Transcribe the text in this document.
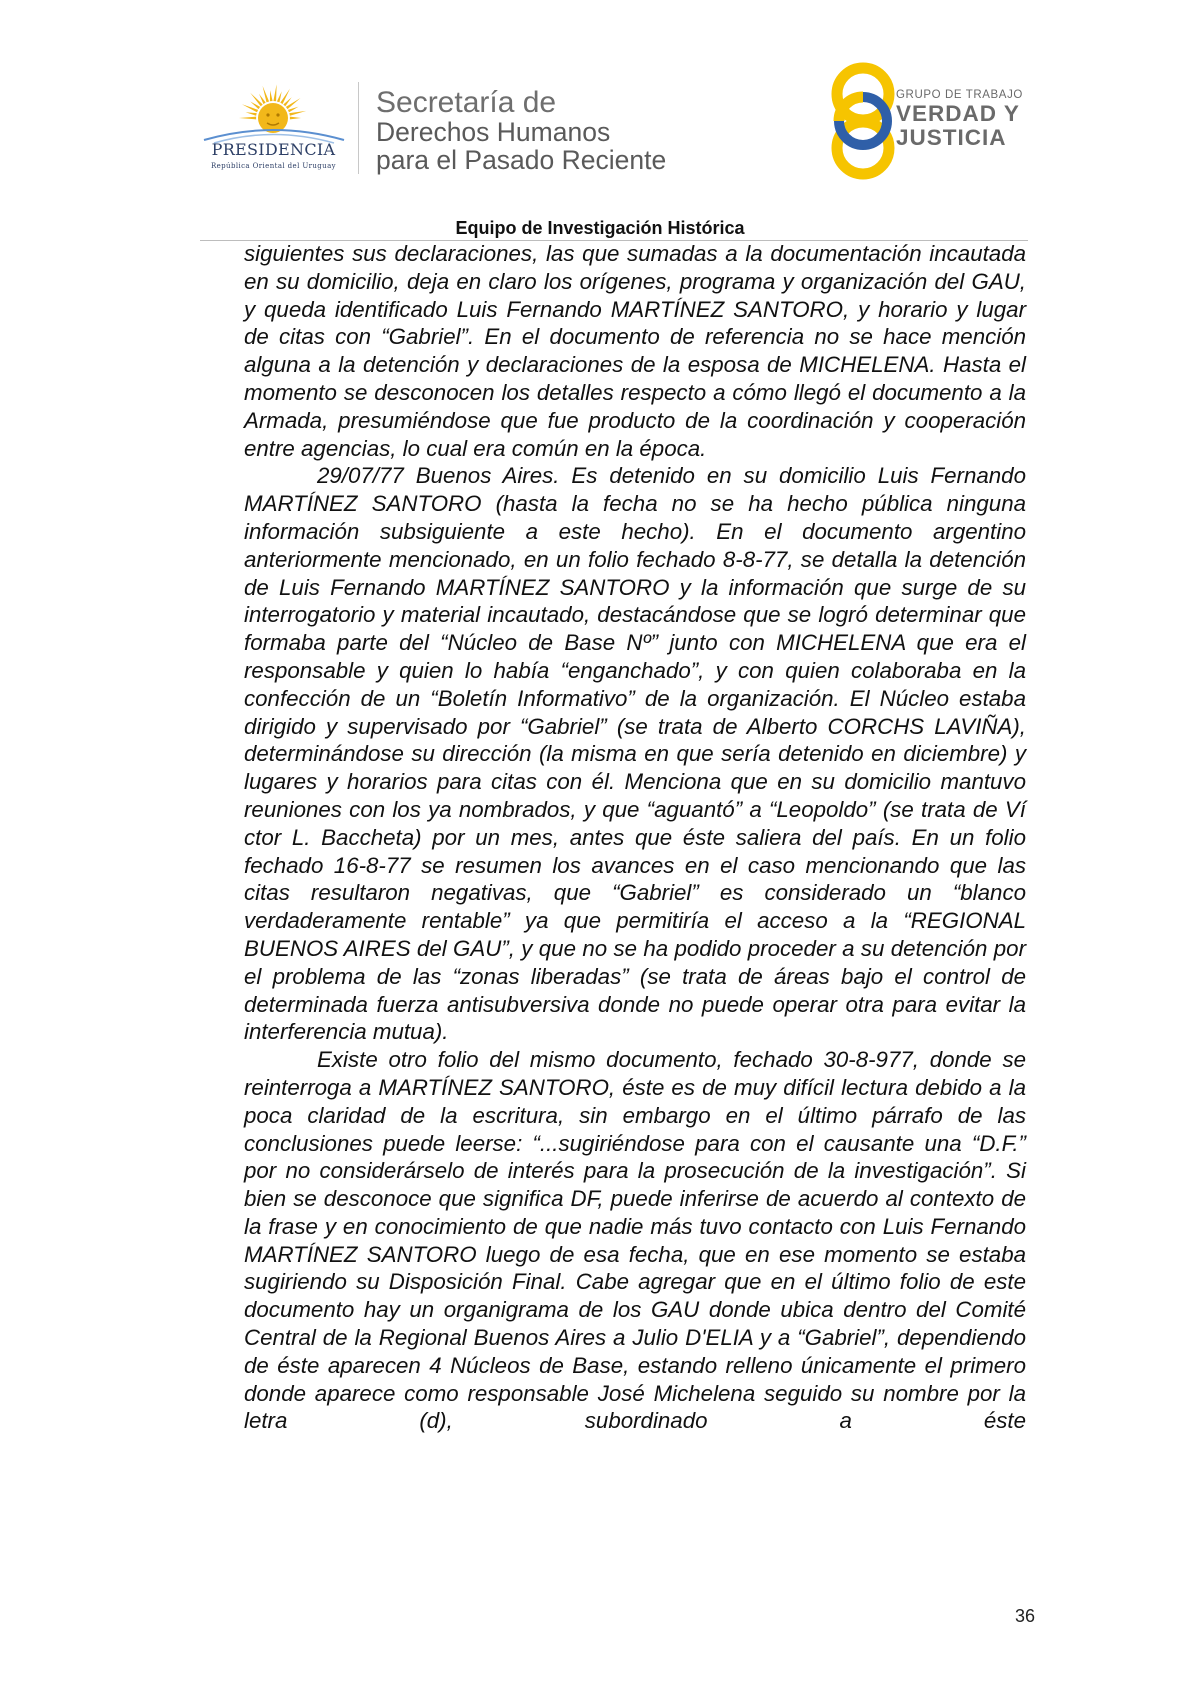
PRESIDENCIA
República Oriental del Uruguay
Secretaría de
Derechos Humanos
para el Pasado Reciente
GRUPO DE TRABAJO
VERDAD Y
JUSTICIA
Equipo de Investigación Histórica

siguientes sus declaraciones, las que sumadas a la documentación incautada en su domicilio, deja en claro los orígenes, programa y organización del GAU, y queda identificado Luis Fernando MARTÍNEZ SANTORO, y horario y lugar de citas con “Gabriel”. En el documento de referencia no se hace mención alguna a la detención y declaraciones de la esposa de MICHELENA. Hasta el momento se desconocen los detalles respecto a cómo llegó el documento a la Armada, presumiéndose que fue producto de la coordinación y cooperación entre agencias, lo cual era común en la época.

29/07/77 Buenos Aires. Es detenido en su domicilio Luis Fernando MARTÍNEZ SANTORO (hasta la fecha no se ha hecho pública ninguna información subsiguiente a este hecho). En el documento argentino anteriormente mencionado, en un folio fechado 8-8-77, se detalla la detención de Luis Fernando MARTÍNEZ SANTORO y la información que surge de su interrogatorio y material incautado, destacándose que se logró determinar que formaba parte del “Núcleo de Base Nº” junto con MICHELENA que era el responsable y quien lo había “enganchado”, y con quien colaboraba en la confección de un “Boletín Informativo” de la organización. El Núcleo estaba dirigido y supervisado por “Gabriel” (se trata de Alberto CORCHS LAVIÑA), determinándose su dirección (la misma en que sería detenido en diciembre) y lugares y horarios para citas con él. Menciona que en su domicilio mantuvo reuniones con los ya nombrados, y que “aguantó” a “Leopoldo” (se trata de Ví

ctor L. Baccheta) por un mes, antes que éste saliera del país. En un folio fechado 16-8-77 se resumen los avances en el caso mencionando que las citas resultaron negativas, que “Gabriel” es considerado un “blanco verdaderamente rentable” ya que permitiría el acceso a la “REGIONAL BUENOS AIRES del GAU”, y que no se ha podido proceder a su detención por el problema de las “zonas liberadas” (se trata de áreas bajo el control de determinada fuerza antisubversiva donde no puede operar otra para evitar la interferencia mutua).

Existe otro folio del mismo documento, fechado 30-8-977, donde se reinterroga a MARTÍNEZ SANTORO, éste es de muy difícil lectura debido a la poca claridad de la escritura, sin embargo en el último párrafo de las conclusiones puede leerse: “...sugiriéndose para con el causante una “D.F.” por no considerárselo de interés para la prosecución de la investigación”. Si bien se desconoce que significa DF, puede inferirse de acuerdo al contexto de la frase y en conocimiento de que nadie más tuvo contacto con Luis Fernando MARTÍNEZ SANTORO luego de esa fecha, que en ese momento se estaba sugiriendo su Disposición Final. Cabe agregar que en el último folio de este documento hay un organigrama de los GAU donde ubica dentro del Comité Central de la Regional Buenos Aires a Julio D'ELIA y a “Gabriel”, dependiendo de éste aparecen 4 Núcleos de Base, estando relleno únicamente el primero donde aparece como responsable José Michelena seguido su nombre por la letra (d), subordinado a éste

36
